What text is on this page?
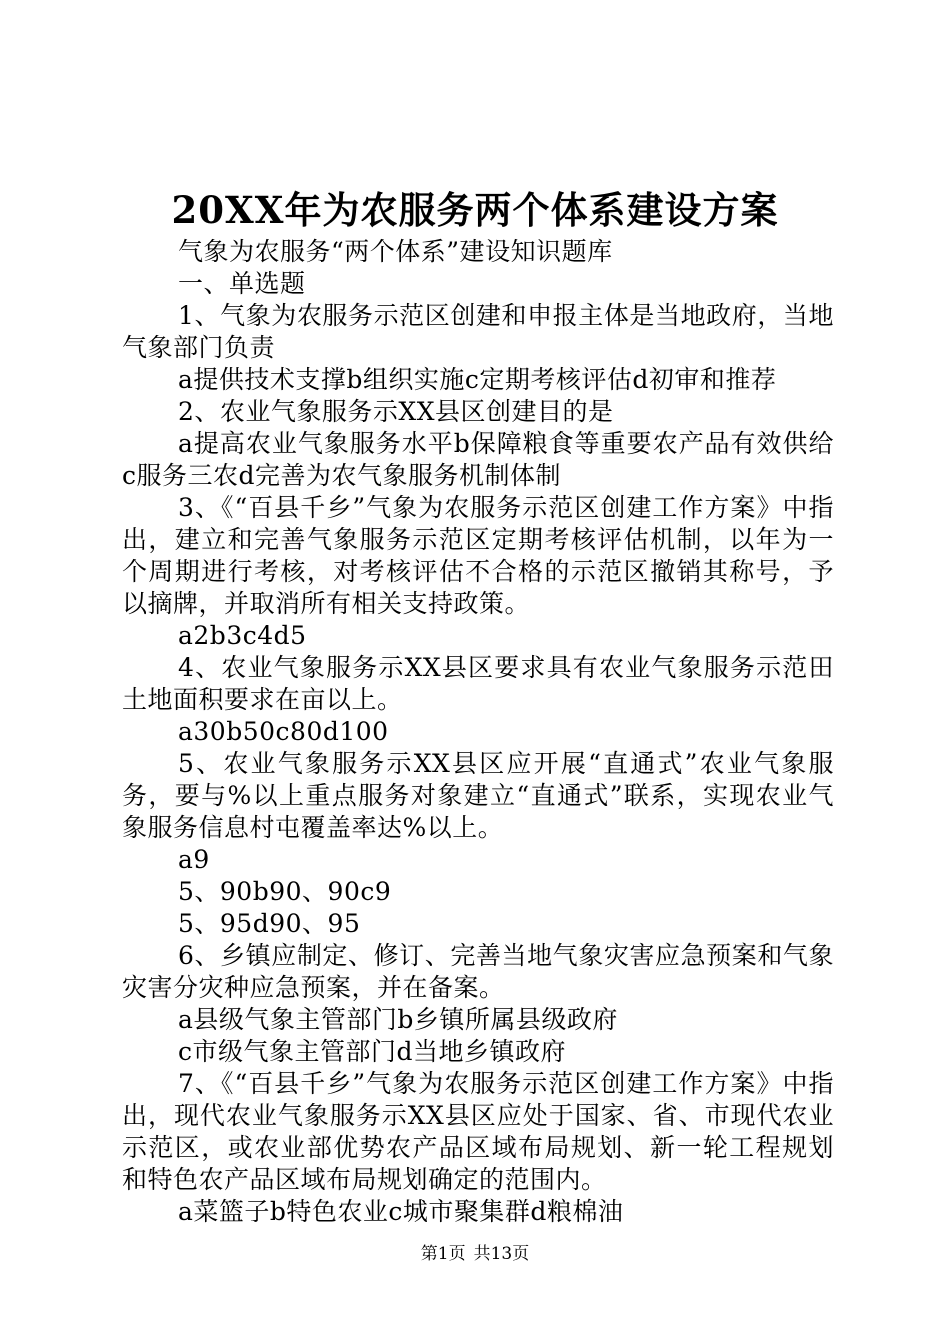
20XX年为农服务两个体系建设方案

气象为农服务“两个体系”建设知识题库

一、单选题

1、气象为农服务示范区创建和申报主体是当地政府，当地气象部门负责

a提供技术支撑b组织实施c定期考核评估d初审和推荐

2、农业气象服务示XX县区创建目的是

a提高农业气象服务水平b保障粮食等重要农产品有效供给c服务三农d完善为农气象服务机制体制

3、《“百县千乡”气象为农服务示范区创建工作方案》中指出，建立和完善气象服务示范区定期考核评估机制，以年为一个周期进行考核，对考核评估不合格的示范区撤销其称号，予以摘牌，并取消所有相关支持政策。

a2b3c4d5

4、农业气象服务示XX县区要求具有农业气象服务示范田土地面积要求在亩以上。

a30b50c80d100

5、农业气象服务示XX县区应开展“直通式”农业气象服务，要与%以上重点服务对象建立“直通式”联系，实现农业气象服务信息村屯覆盖率达%以上。

a9

5、90b90、90c9

5、95d90、95

6、乡镇应制定、修订、完善当地气象灾害应急预案和气象灾害分灾种应急预案，并在备案。

a县级气象主管部门b乡镇所属县级政府

c市级气象主管部门d当地乡镇政府

7、《“百县千乡”气象为农服务示范区创建工作方案》中指出，现代农业气象服务示XX县区应处于国家、省、市现代农业示范区，或农业部优势农产品区域布局规划、新一轮工程规划和特色农产品区域布局规划确定的范围内。

a菜篮子b特色农业c城市聚集群d粮棉油

第1页 共13页
